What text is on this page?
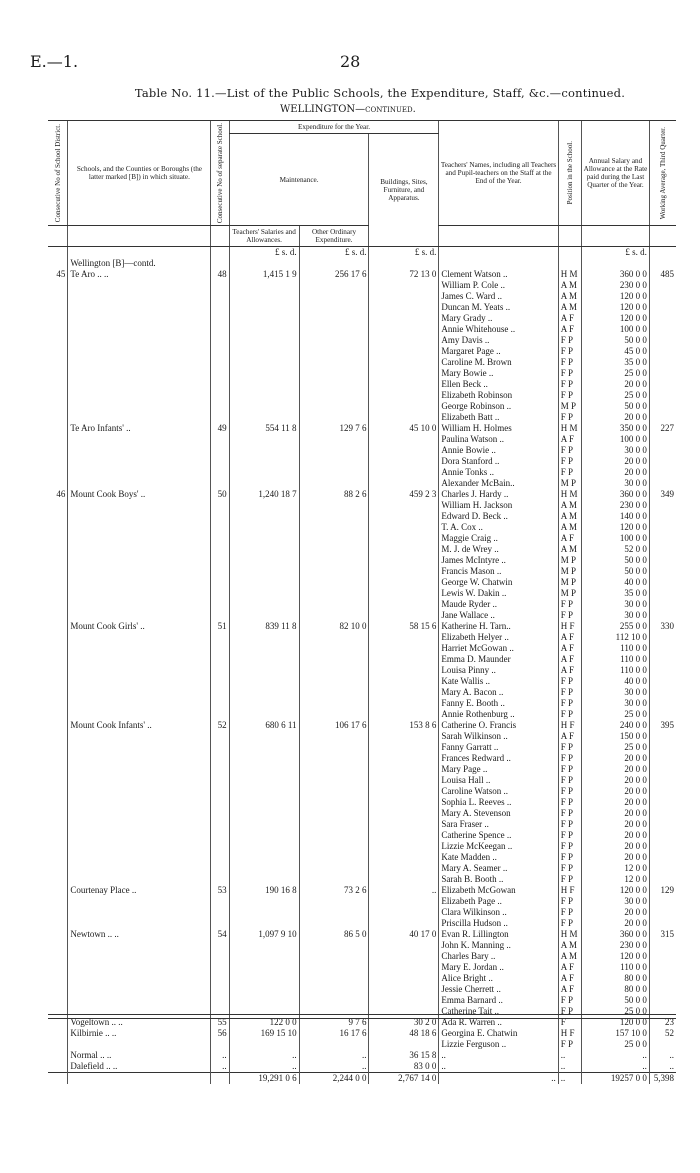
E.—1.	28
Table No. 11.—List of the Public Schools, the Expenditure, Staff, &c.—continued.
WELLINGTON—continued.
Consecutive No of School District.	Schools, and the Counties or Boroughs (the latter marked [B]) in which situate.	Consecutive No of separate School.	Expenditure for the Year.			Teachers' Names, including all Teachers and Pupil-teachers on the Staff at the End of the Year.	Position in the School.	Annual Salary and Allowance at the Rate paid during the Last Quarter of the Year.	Working Average, Third Quarter.

			Maintenance.		Buildings, Sites, Furniture, and Apparatus.				
			Teachers' Salaries and Allowances.	Other Ordinary Expenditure.					
			£ s. d.	£ s. d.	£ s. d.			£ s. d.	
	Wellington [B]—contd.								
45	Te Aro .. ..	48	1,415 1 9	256 17 6	72 13 0	Clement Watson ..	H M	360 0 0	485
						William P. Cole ..	A M	230 0 0	
						James C. Ward ..	A M	120 0 0	
						Duncan M. Yeats ..	A M	120 0 0	
						Mary Grady ..	A F	120 0 0	
						Annie Whitehouse ..	A F	100 0 0	
						Amy Davis ..	F P	50 0 0	
						Margaret Page ..	F P	45 0 0	
						Caroline M. Brown	F P	35 0 0	
						Mary Bowie ..	F P	25 0 0	
						Ellen Beck ..	F P	20 0 0	
						Elizabeth Robinson	F P	25 0 0	
						George Robinson ..	M P	50 0 0	
						Elizabeth Batt ..	F P	20 0 0	
	Te Aro Infants' ..	49	554 11 8	129 7 6	45 10 0	William H. Holmes	H M	350 0 0	227
						Paulina Watson ..	A F	100 0 0	
						Annie Bowie ..	F P	30 0 0	
						Dora Stanford ..	F P	20 0 0	
						Annie Tonks ..	F P	20 0 0	
						Alexander McBain..	M P	30 0 0	
46	Mount Cook Boys' ..	50	1,240 18 7	88 2 6	459 2 3	Charles J. Hardy ..	H M	360 0 0	349
						William H. Jackson	A M	230 0 0	
						Edward D. Beck ..	A M	140 0 0	
						T. A. Cox ..	A M	120 0 0	
						Maggie Craig ..	A F	100 0 0	
						M. J. de Wrey ..	A M	52 0 0	
						James McIntyre ..	M P	50 0 0	
						Francis Mason ..	M P	50 0 0	
						George W. Chatwin	M P	40 0 0	
						Lewis W. Dakin ..	M P	35 0 0	
						Maude Ryder ..	F P	30 0 0	
						Jane Wallace ..	F P	30 0 0	
	Mount Cook Girls' ..	51	839 11 8	82 10 0	58 15 6	Katherine H. Tarn..	H F	255 0 0	330
						Elizabeth Helyer ..	A F	112 10 0	
						Harriet McGowan ..	A F	110 0 0	
						Emma D. Maunder	A F	110 0 0	
						Louisa Pinny ..	A F	110 0 0	
						Kate Wallis ..	F P	40 0 0	
						Mary A. Bacon ..	F P	30 0 0	
						Fanny E. Booth ..	F P	30 0 0	
						Annie Rothenburg ..	F P	25 0 0	
	Mount Cook Infants' ..	52	680 6 11	106 17 6	153 8 6	Catherine O. Francis	H F	240 0 0	395
						Sarah Wilkinson ..	A F	150 0 0	
						Fanny Garratt ..	F P	25 0 0	
						Frances Redward ..	F P	20 0 0	
						Mary Page ..	F P	20 0 0	
						Louisa Hall ..	F P	20 0 0	
						Caroline Watson ..	F P	20 0 0	
						Sophia L. Reeves ..	F P	20 0 0	
						Mary A. Stevenson	F P	20 0 0	
						Sara Fraser ..	F P	20 0 0	
						Catherine Spence ..	F P	20 0 0	
						Lizzie McKeegan ..	F P	20 0 0	
						Kate Madden ..	F P	20 0 0	
						Mary A. Seamer ..	F P	12 0 0	
						Sarah B. Booth ..	F P	12 0 0	
	Courtenay Place ..	53	190 16 8	73 2 6	..	Elizabeth McGowan	H F	120 0 0	129
						Elizabeth Page ..	F P	30 0 0	
						Clara Wilkinson ..	F P	20 0 0	
						Priscilla Hudson ..	F P	20 0 0	
	Newtown .. ..	54	1,097 9 10	86 5 0	40 17 0	Evan R. Lillington	H M	360 0 0	315
						John K. Manning ..	A M	230 0 0	
						Charles Bary ..	A M	120 0 0	
						Mary E. Jordan ..	A F	110 0 0	
						Alice Bright ..	A F	80 0 0	
						Jessie Cherrett ..	A F	80 0 0	
						Emma Barnard ..	F P	50 0 0	
						Catherine Tait ..	F P	25 0 0	
	Vogeltown .. ..	55	122 0 0	9 7 6	30 2 0	Ada R. Warren ..	F	120 0 0	23
	Kilbirnie .. ..	56	169 15 10	16 17 6	48 18 6	Georgina E. Chatwin	H F	157 10 0	52
						Lizzie Ferguson ..	F P	25 0 0	
	Normal .. ..	..	..	..	36 15 8	..	..	..	..
	Dalefield .. ..	..	..	..	83 0 0	..	..	..	..
			19,291 0 6	2,244 0 0	2,767 14 0	..	..	19257 0 0	5,398
